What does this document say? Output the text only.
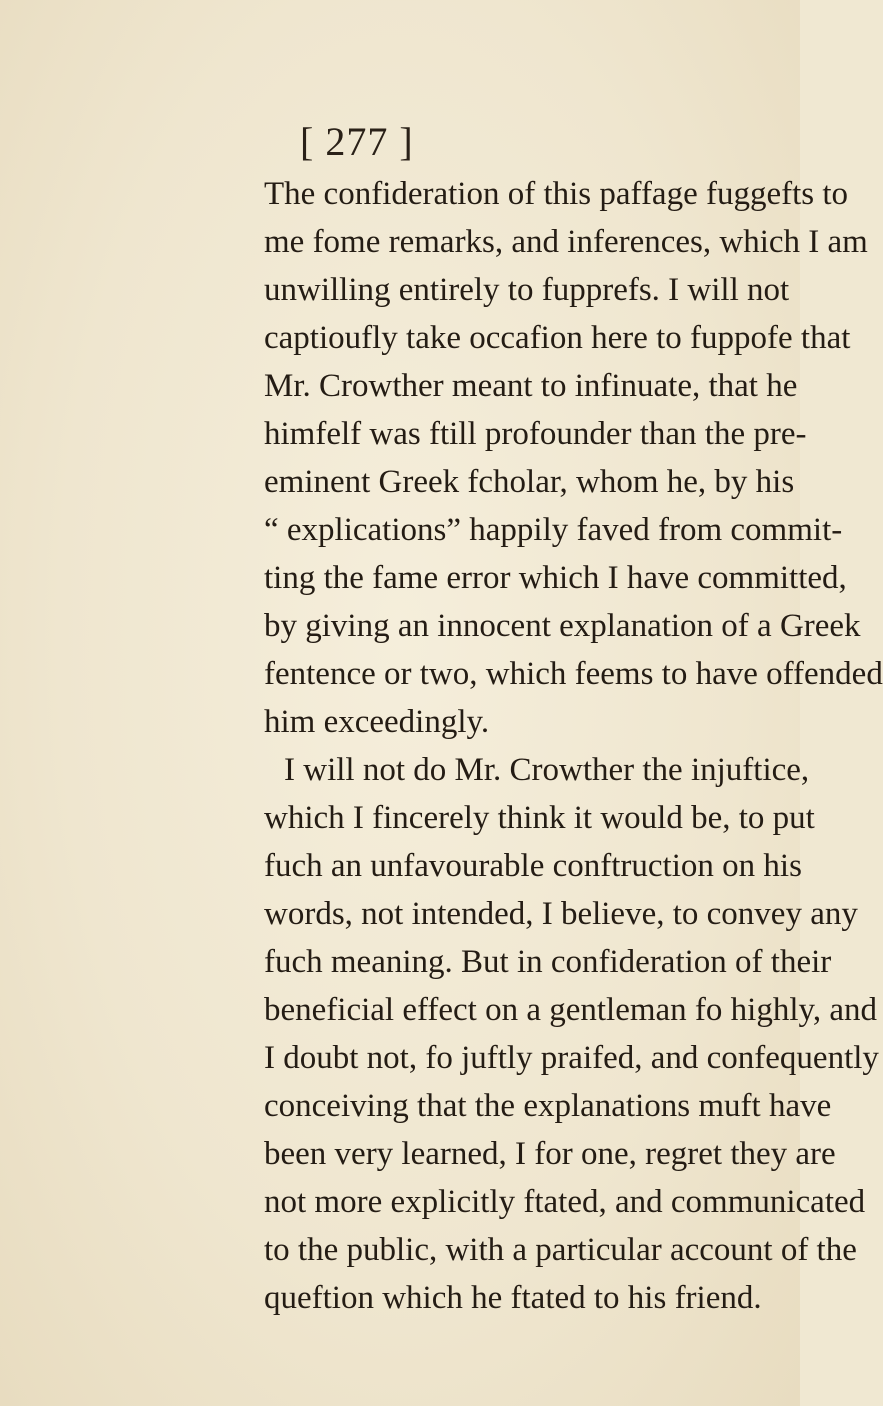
[ 277 ]
The confideration of this paffage fuggefts to
me fome remarks, and inferences, which I am
unwilling entirely to fupprefs. I will not
captioufly take occafion here to fuppofe that
Mr. Crowther meant to infinuate, that he
himfelf was ftill profounder than the pre-
eminent Greek fcholar, whom he, by his
“ explications” happily faved from commit-
ting the fame error which I have committed,
by giving an innocent explanation of a Greek
fentence or two, which feems to have offended
him exceedingly.
I will not do Mr. Crowther the injuftice,
which I fincerely think it would be, to put
fuch an unfavourable conftruction on his
words, not intended, I believe, to convey any
fuch meaning. But in confideration of their
beneficial effect on a gentleman fo highly, and
I doubt not, fo juftly praifed, and confequently
conceiving that the explanations muft have
been very learned, I for one, regret they are
not more explicitly ftated, and communicated
to the public, with a particular account of the
queftion which he ftated to his friend.
